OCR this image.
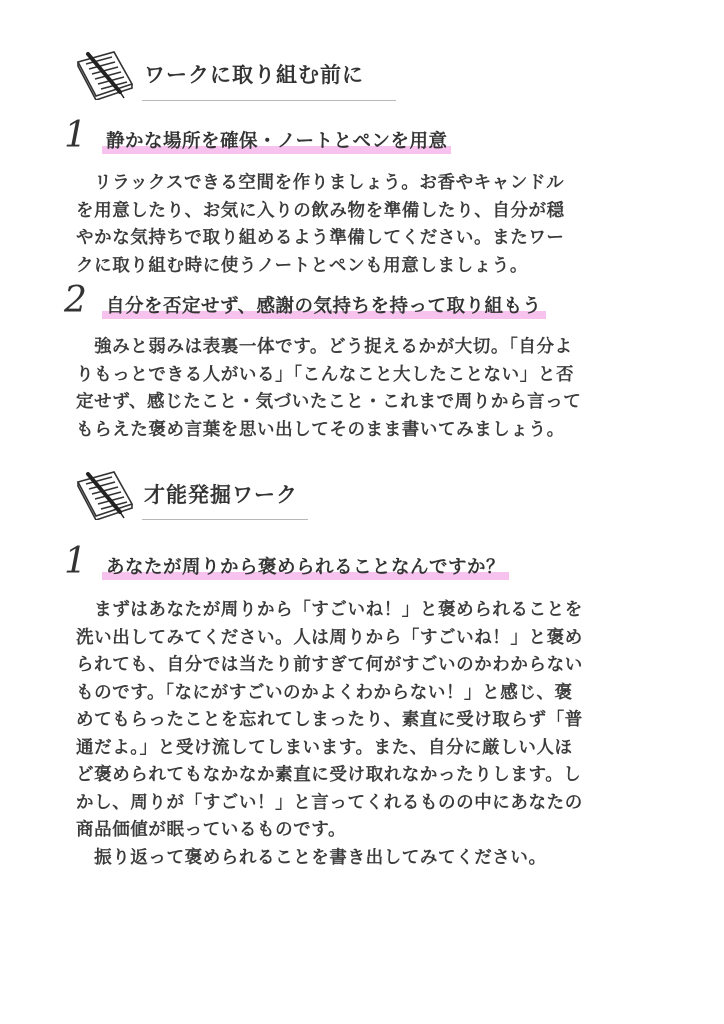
ワークに取り組む前に
1	静かな場所を確保・ノートとペンを用意
　リラックスできる空間を作りましょう。お香やキャンドル
を用意したり、お気に入りの飲み物を準備したり、自分が穏
やかな気持ちで取り組めるよう準備してください。またワー
クに取り組む時に使うノートとペンも用意しましょう。
2	自分を否定せず、感謝の気持ちを持って取り組もう
　強みと弱みは表裏一体です。どう捉えるかが大切。「自分よ
りもっとできる人がいる」「こんなこと大したことない」と否
定せず、感じたこと・気づいたこと・これまで周りから言って
もらえた褒め言葉を思い出してそのまま書いてみましょう。
才能発掘ワーク
1	あなたが周りから褒められることなんですか？
　まずはあなたが周りから「すごいね！」と褒められることを
洗い出してみてください。人は周りから「すごいね！」と褒め
られても、自分では当たり前すぎて何がすごいのかわからない
ものです。「なにがすごいのかよくわからない！」と感じ、褒
めてもらったことを忘れてしまったり、素直に受け取らず「普
通だよ。」と受け流してしまいます。また、自分に厳しい人ほ
ど褒められてもなかなか素直に受け取れなかったりします。し
かし、周りが「すごい！」と言ってくれるものの中にあなたの
商品価値が眠っているものです。
　振り返って褒められることを書き出してみてください。
